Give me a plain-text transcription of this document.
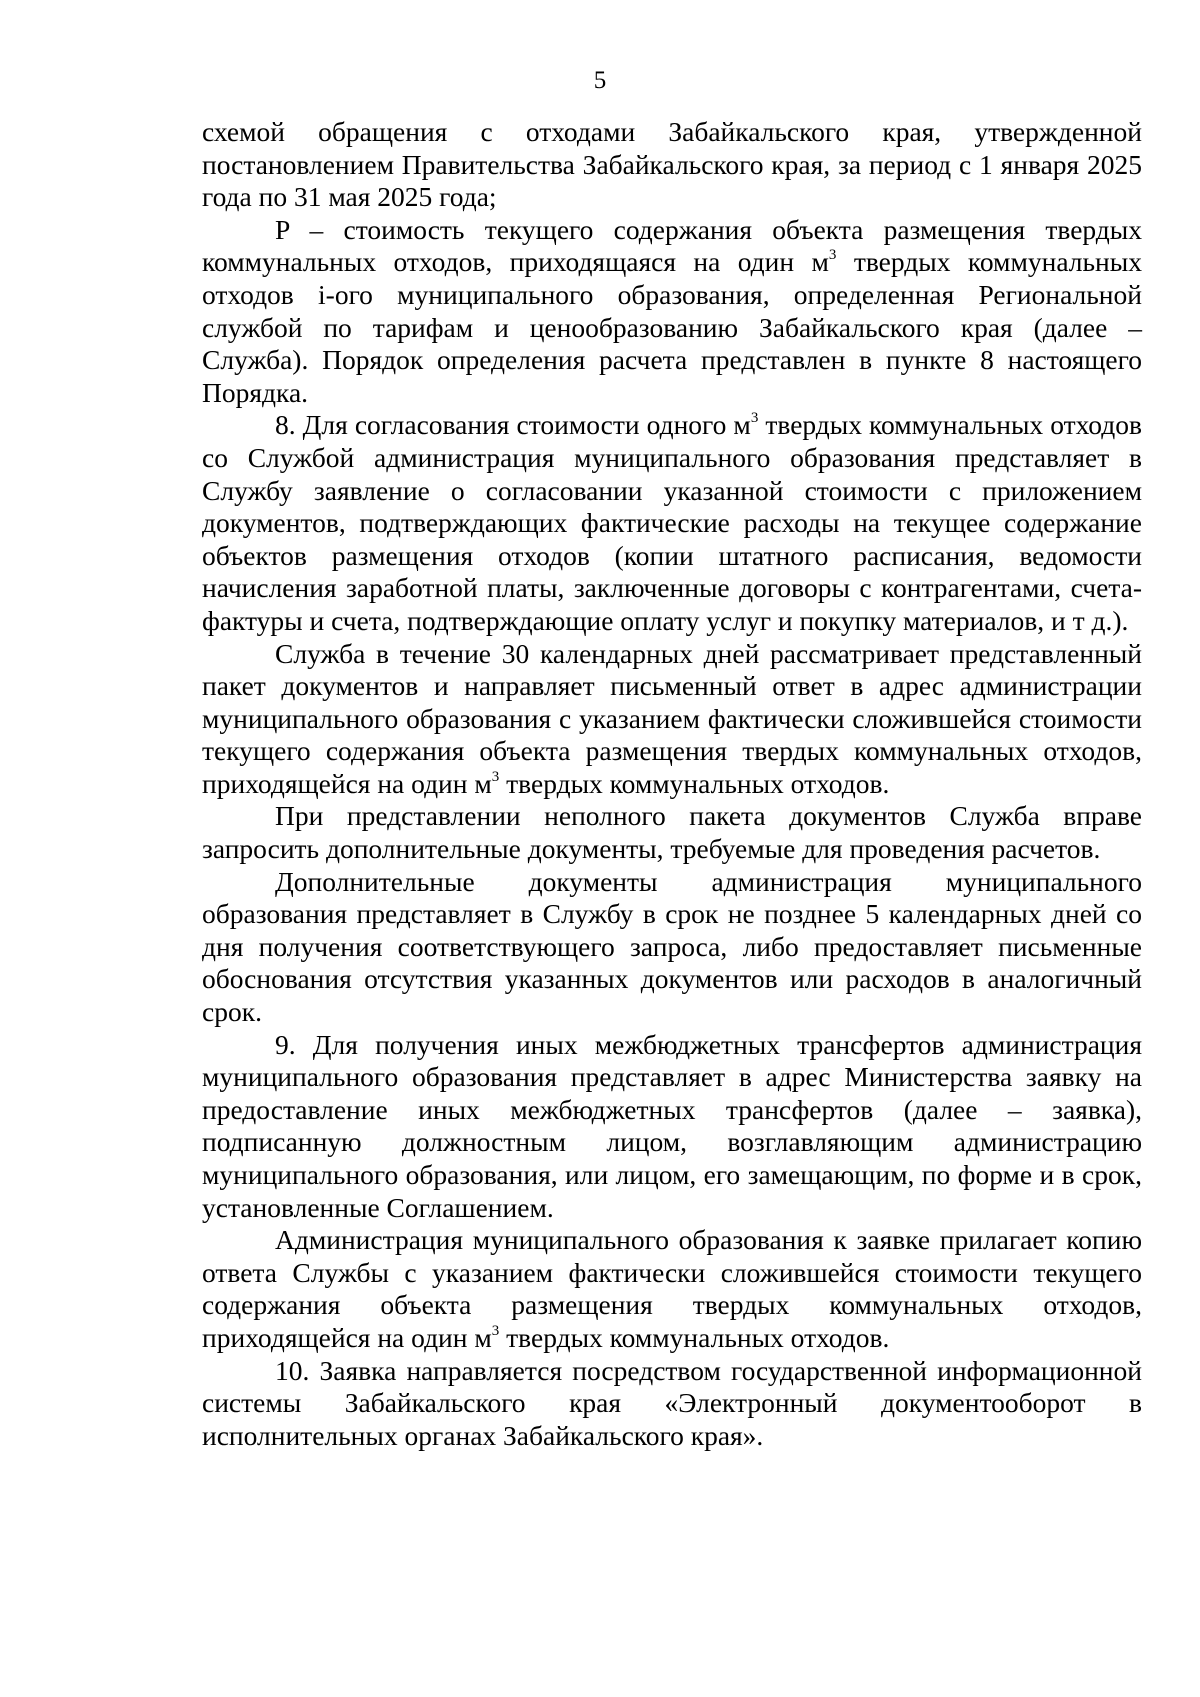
5

схемой обращения с отходами Забайкальского края, утвержденной постановлением Правительства Забайкальского края, за период с 1 января 2025 года по 31 мая 2025 года;

P – стоимость текущего содержания объекта размещения твердых коммунальных отходов, приходящаяся на один $м^3$ твердых коммунальных отходов i-ого муниципального образования, определенная Региональной службой по тарифам и ценообразованию Забайкальского края (далее – Служба). Порядок определения расчета представлен в пункте 8 настоящего Порядка.

8. Для согласования стоимости одного $м^3$ твердых коммунальных отходов со Службой администрация муниципального образования представляет в Службу заявление о согласовании указанной стоимости с приложением документов, подтверждающих фактические расходы на текущее содержание объектов размещения отходов (копии штатного расписания, ведомости начисления заработной платы, заключенные договоры с контрагентами, счета-фактуры и счета, подтверждающие оплату услуг и покупку материалов, и т д.).

Служба в течение 30 календарных дней рассматривает представленный пакет документов и направляет письменный ответ в адрес администрации муниципального образования с указанием фактически сложившейся стоимости текущего содержания объекта размещения твердых коммунальных отходов, приходящейся на один $м^3$ твердых коммунальных отходов.

При представлении неполного пакета документов Служба вправе запросить дополнительные документы, требуемые для проведения расчетов.

Дополнительные документы администрация муниципального образования представляет в Службу в срок не позднее 5 календарных дней со дня получения соответствующего запроса, либо предоставляет письменные обоснования отсутствия указанных документов или расходов в аналогичный срок.

9. Для получения иных межбюджетных трансфертов администрация муниципального образования представляет в адрес Министерства заявку на предоставление иных межбюджетных трансфертов (далее – заявка), подписанную должностным лицом, возглавляющим администрацию муниципального образования, или лицом, его замещающим, по форме и в срок, установленные Соглашением.

Администрация муниципального образования к заявке прилагает копию ответа Службы с указанием фактически сложившейся стоимости текущего содержания объекта размещения твердых коммунальных отходов, приходящейся на один $м^3$ твердых коммунальных отходов.

10. Заявка направляется посредством государственной информационной системы Забайкальского края «Электронный документооборот в исполнительных органах Забайкальского края».
